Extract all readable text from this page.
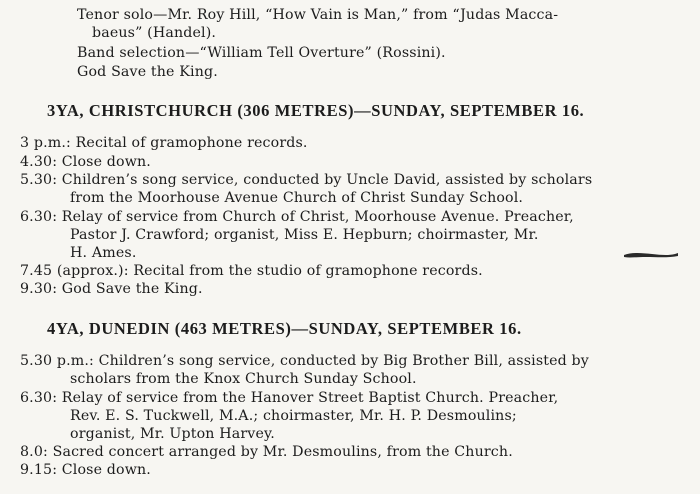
Tenor solo—Mr. Roy Hill, “How Vain is Man,” from “Judas Macca-
baeus” (Handel).
Band selection—“William Tell Overture” (Rossini).
God Save the King.
3YA, CHRISTCHURCH (306 METRES)—SUNDAY, SEPTEMBER 16.
3 p.m.: Recital of gramophone records.
4.30: Close down.
5.30: Children’s song service, conducted by Uncle David, assisted by scholars
from the Moorhouse Avenue Church of Christ Sunday School.
6.30: Relay of service from Church of Christ, Moorhouse Avenue. Preacher,
Pastor J. Crawford; organist, Miss E. Hepburn; choirmaster, Mr.
H. Ames.
7.45 (approx.): Recital from the studio of gramophone records.
9.30: God Save the King.
4YA, DUNEDIN (463 METRES)—SUNDAY, SEPTEMBER 16.
5.30 p.m.: Children’s song service, conducted by Big Brother Bill, assisted by
scholars from the Knox Church Sunday School.
6.30: Relay of service from the Hanover Street Baptist Church. Preacher,
Rev. E. S. Tuckwell, M.A.; choirmaster, Mr. H. P. Desmoulins;
organist, Mr. Upton Harvey.
8.0: Sacred concert arranged by Mr. Desmoulins, from the Church.
9.15: Close down.
